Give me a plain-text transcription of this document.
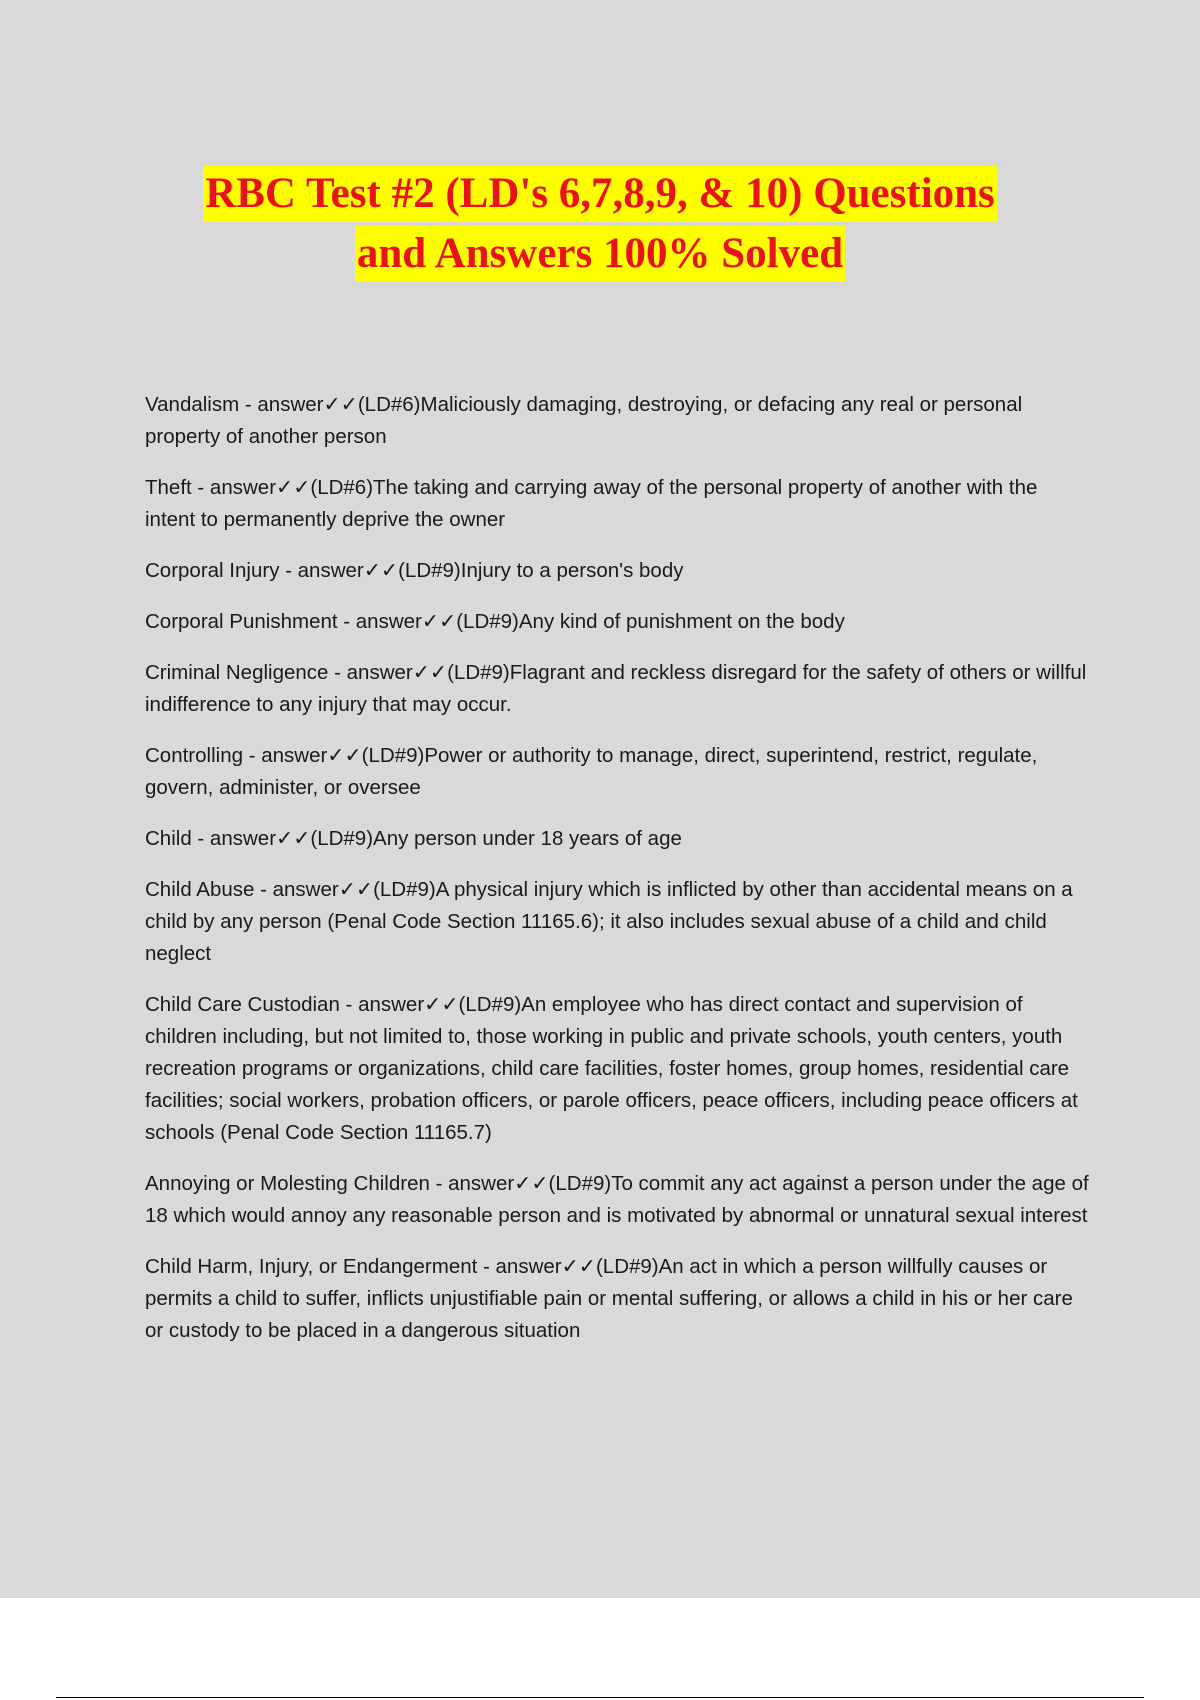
RBC Test #2 (LD's 6,7,8,9, & 10) Questions
and Answers 100% Solved

Vandalism - answer✓✓(LD#6)Maliciously damaging, destroying, or defacing any real or personal property of another person

Theft - answer✓✓(LD#6)The taking and carrying away of the personal property of another with the intent to permanently deprive the owner

Corporal Injury - answer✓✓(LD#9)Injury to a person's body

Corporal Punishment - answer✓✓(LD#9)Any kind of punishment on the body

Criminal Negligence - answer✓✓(LD#9)Flagrant and reckless disregard for the safety of others or willful indifference to any injury that may occur.

Controlling - answer✓✓(LD#9)Power or authority to manage, direct, superintend, restrict, regulate, govern, administer, or oversee

Child - answer✓✓(LD#9)Any person under 18 years of age

Child Abuse - answer✓✓(LD#9)A physical injury which is inflicted by other than accidental means on a child by any person (Penal Code Section 11165.6); it also includes sexual abuse of a child and child neglect

Child Care Custodian - answer✓✓(LD#9)An employee who has direct contact and supervision of children including, but not limited to, those working in public and private schools, youth centers, youth recreation programs or organizations, child care facilities, foster homes, group homes, residential care facilities; social workers, probation officers, or parole officers, peace officers, including peace officers at schools (Penal Code Section 11165.7)

Annoying or Molesting Children - answer✓✓(LD#9)To commit any act against a person under the age of 18 which would annoy any reasonable person and is motivated by abnormal or unnatural sexual interest

Child Harm, Injury, or Endangerment - answer✓✓(LD#9)An act in which a person willfully causes or permits a child to suffer, inflicts unjustifiable pain or mental suffering, or allows a child in his or her care or custody to be placed in a dangerous situation
